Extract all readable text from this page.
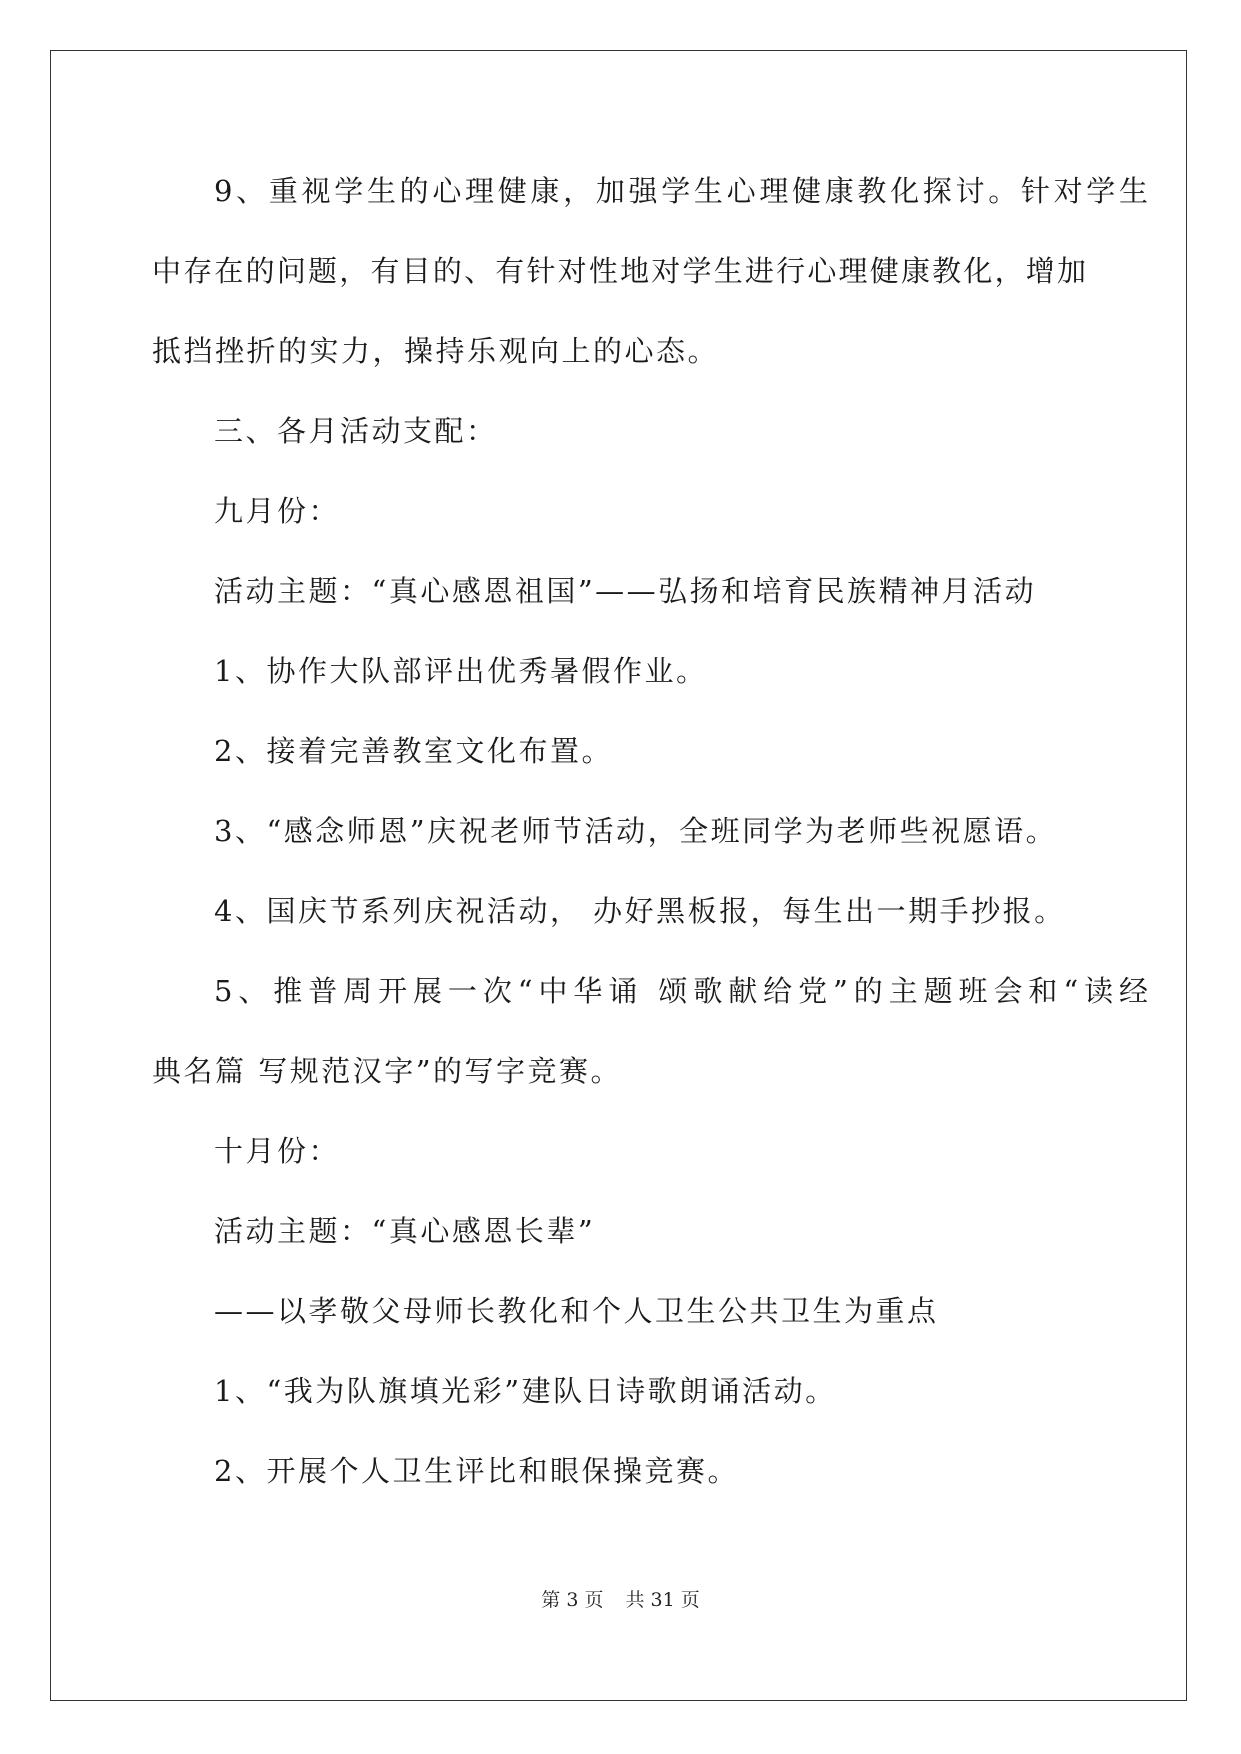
9、重视学生的心理健康，加强学生心理健康教化探讨。针对学生

中存在的问题，有目的、有针对性地对学生进行心理健康教化，增加

抵挡挫折的实力，操持乐观向上的心态。

三、各月活动支配：

九月份：

活动主题：“真心感恩祖国”——弘扬和培育民族精神月活动

1、协作大队部评出优秀暑假作业。

2、接着完善教室文化布置。

3、“感念师恩”庆祝老师节活动，全班同学为老师些祝愿语。

4、国庆节系列庆祝活动， 办好黑板报，每生出一期手抄报。

5、推普周开展一次“中华诵 颂歌献给党”的主题班会和“读经

典名篇 写规范汉字”的写字竞赛。

十月份：

活动主题：“真心感恩长辈”

——以孝敬父母师长教化和个人卫生公共卫生为重点

1、“我为队旗填光彩”建队日诗歌朗诵活动。

2、开展个人卫生评比和眼保操竞赛。

第 3 页 共 31 页
